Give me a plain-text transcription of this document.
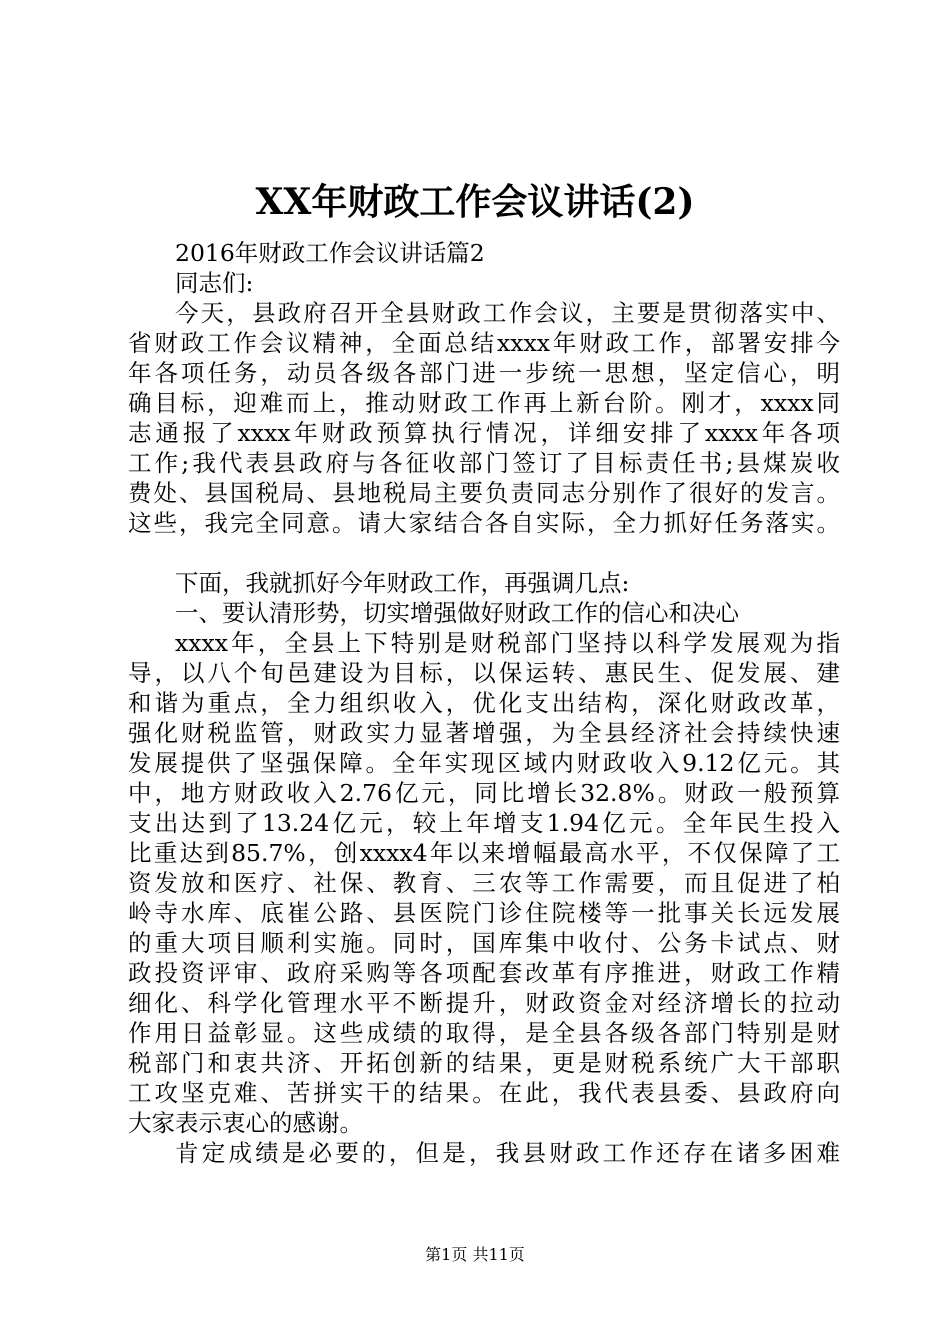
XX年财政工作会议讲话(2)
2016年财政工作会议讲话篇2
同志们:
今天，县政府召开全县财政工作会议，主要是贯彻落实中、
省财政工作会议精神，全面总结xxxx年财政工作，部署安排今
年各项任务，动员各级各部门进一步统一思想，坚定信心，明
确目标，迎难而上，推动财政工作再上新台阶。刚才，xxxx同
志通报了xxxx年财政预算执行情况，详细安排了xxxx年各项
工作;我代表县政府与各征收部门签订了目标责任书;县煤炭收
费处、县国税局、县地税局主要负责同志分别作了很好的发言。
这些，我完全同意。请大家结合各自实际，全力抓好任务落实。
下面，我就抓好今年财政工作，再强调几点:
一、要认清形势，切实增强做好财政工作的信心和决心
xxxx年，全县上下特别是财税部门坚持以科学发展观为指
导，以八个旬邑建设为目标，以保运转、惠民生、促发展、建
和谐为重点，全力组织收入，优化支出结构，深化财政改革，
强化财税监管，财政实力显著增强，为全县经济社会持续快速
发展提供了坚强保障。全年实现区域内财政收入9.12亿元。其
中，地方财政收入2.76亿元，同比增长32.8%。财政一般预算
支出达到了13.24亿元，较上年增支1.94亿元。全年民生投入
比重达到85.7%，创xxxx4年以来增幅最高水平，不仅保障了工
资发放和医疗、社保、教育、三农等工作需要，而且促进了柏
岭寺水库、底崔公路、县医院门诊住院楼等一批事关长远发展
的重大项目顺利实施。同时，国库集中收付、公务卡试点、财
政投资评审、政府采购等各项配套改革有序推进，财政工作精
细化、科学化管理水平不断提升，财政资金对经济增长的拉动
作用日益彰显。这些成绩的取得，是全县各级各部门特别是财
税部门和衷共济、开拓创新的结果，更是财税系统广大干部职
工攻坚克难、苦拼实干的结果。在此，我代表县委、县政府向
大家表示衷心的感谢。
肯定成绩是必要的，但是，我县财政工作还存在诸多困难
第1页 共11页
